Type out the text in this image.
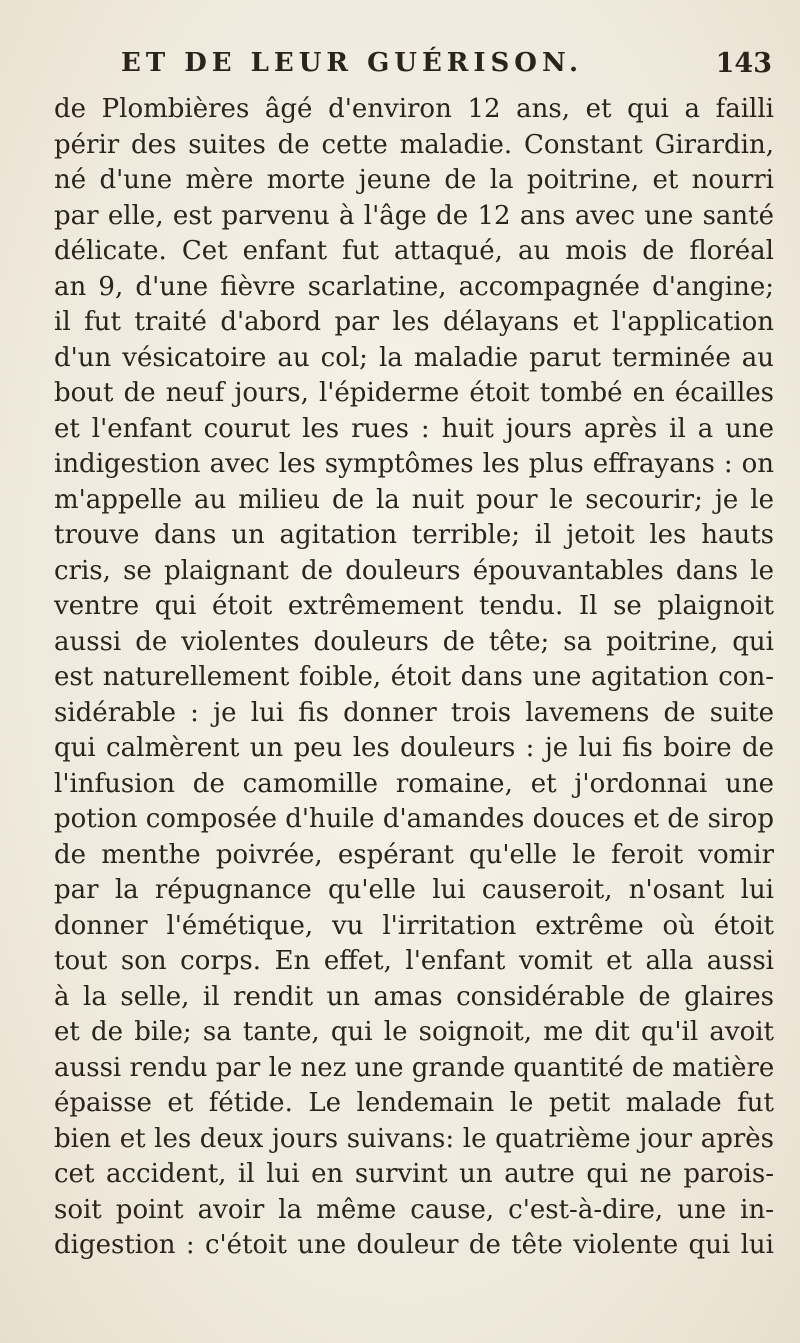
ET DE LEUR GUÉRISON.	143
de Plombières âgé d'environ 12 ans, et qui a failli
périr des suites de cette maladie. Constant Girardin,
né d'une mère morte jeune de la poitrine, et nourri
par elle, est parvenu à l'âge de 12 ans avec une santé
délicate. Cet enfant fut attaqué, au mois de floréal
an 9, d'une fièvre scarlatine, accompagnée d'angine;
il fut traité d'abord par les délayans et l'application
d'un vésicatoire au col; la maladie parut terminée au
bout de neuf jours, l'épiderme étoit tombé en écailles
et l'enfant courut les rues : huit jours après il a une
indigestion avec les symptômes les plus effrayans : on
m'appelle au milieu de la nuit pour le secourir; je le
trouve dans un agitation terrible; il jetoit les hauts
cris, se plaignant de douleurs épouvantables dans le
ventre qui étoit extrêmement tendu. Il se plaignoit
aussi de violentes douleurs de tête; sa poitrine, qui
est naturellement foible, étoit dans une agitation con-
sidérable : je lui fis donner trois lavemens de suite
qui calmèrent un peu les douleurs : je lui fis boire de
l'infusion de camomille romaine, et j'ordonnai une
potion composée d'huile d'amandes douces et de sirop
de menthe poivrée, espérant qu'elle le feroit vomir
par la répugnance qu'elle lui causeroit, n'osant lui
donner l'émétique, vu l'irritation extrême où étoit
tout son corps. En effet, l'enfant vomit et alla aussi
à la selle, il rendit un amas considérable de glaires
et de bile; sa tante, qui le soignoit, me dit qu'il avoit
aussi rendu par le nez une grande quantité de matière
épaisse et fétide. Le lendemain le petit malade fut
bien et les deux jours suivans: le quatrième jour après
cet accident, il lui en survint un autre qui ne parois-
soit point avoir la même cause, c'est-à-dire, une in-
digestion : c'étoit une douleur de tête violente qui lui
